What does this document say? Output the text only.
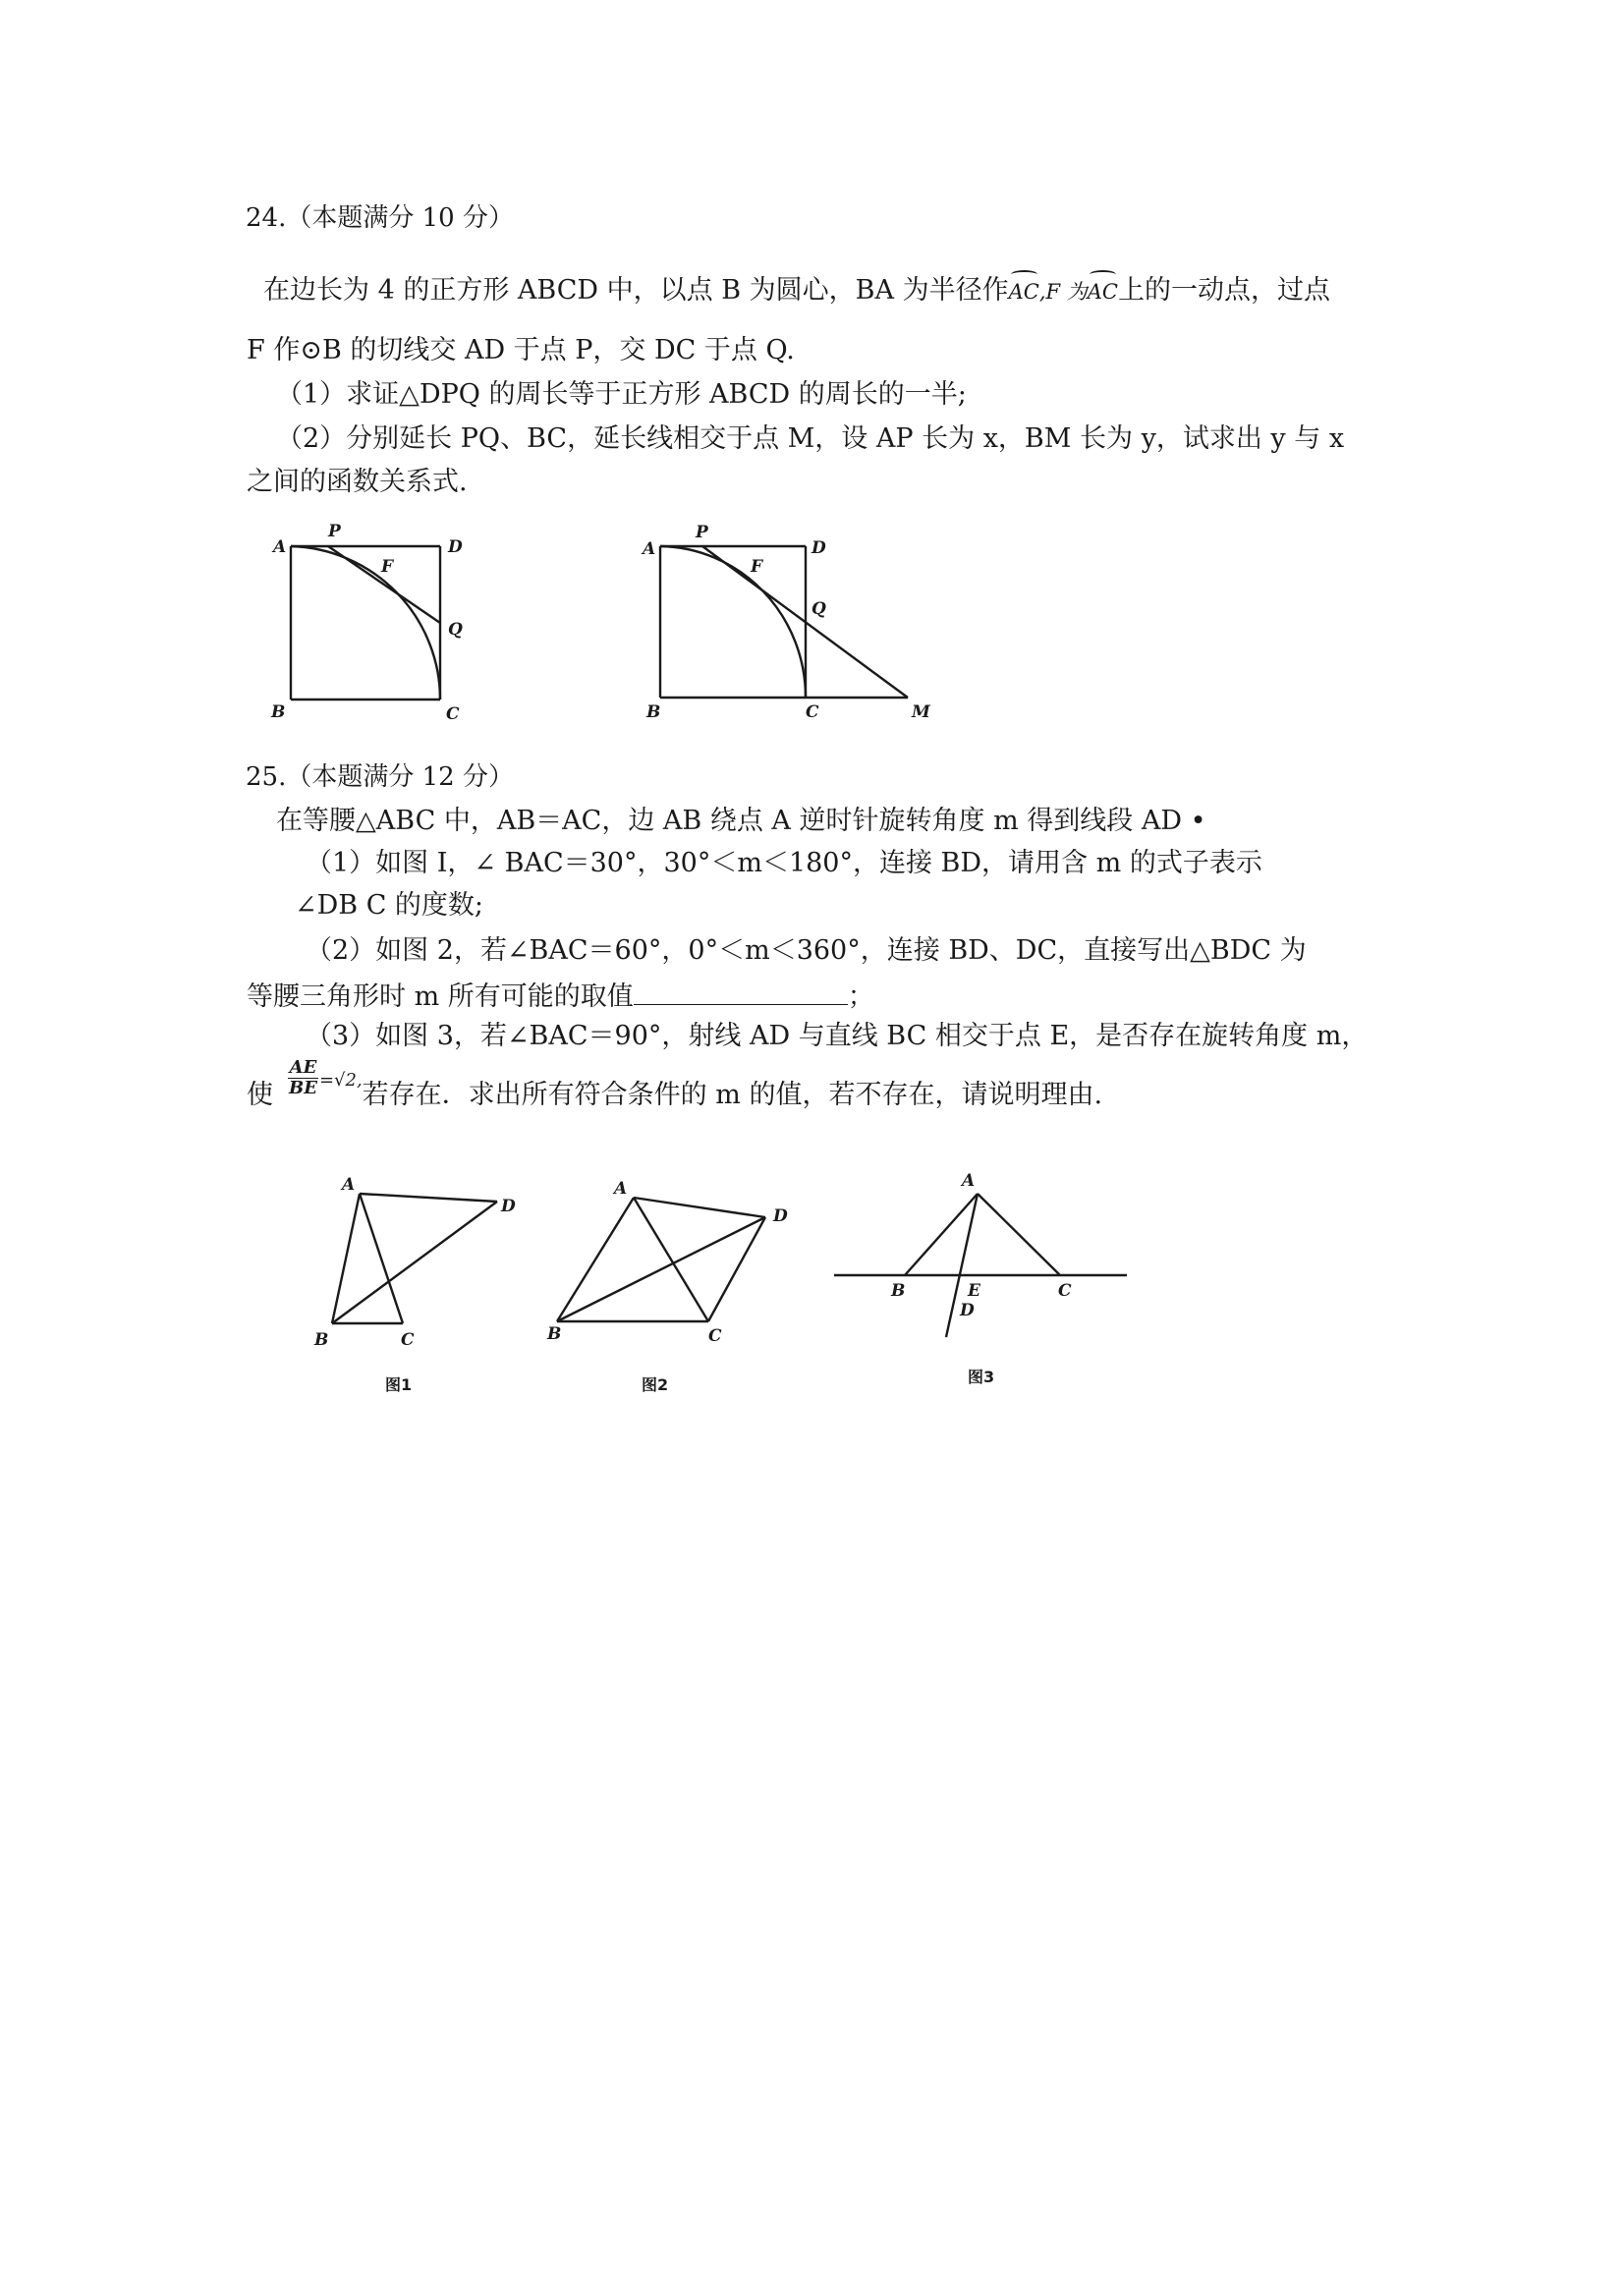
24.（本题满分 10 分）
在边长为 4 的正方形 ABCD 中，以点 B 为圆心，BA 为半径作AC,F 为AC上的一动点，过点
F 作⊙B 的切线交 AD 于点 P，交 DC 于点 Q.
（1）求证△DPQ 的周长等于正方形 ABCD 的周长的一半;
（2）分别延长 PQ、BC，延长线相交于点 M，设 AP 长为 x，BM 长为 y，试求出 y 与 x
之间的函数关系式.
A
P
D
F
Q
B	C
A
P
D
F
Q
B	C	M
25.（本题满分 12 分）
在等腰△ABC 中，AB＝AC，边 AB 绕点 A 逆时针旋转角度 m 得到线段 AD •
（1）如图 I，∠ BAC＝30°，30°＜m＜180°，连接 BD，请用含 m 的式子表示
∠DB C 的度数;
（2）如图 2，若∠BAC＝60°，0°＜m＜360°，连接 BD、DC，直接写出△BDC 为
等腰三角形时 m 所有可能的取值	；
（3）如图 3，若∠BAC＝90°，射线 AD 与直线 BC 相交于点 E，是否存在旋转角度 m，
使 $\frac{AE}{BE} ^{=√2,}$若存在．求出所有符合条件的 m 的值，若不存在，请说明理由.
A
D
B	C
图1
A
D
B	C
图2
A
B	E	C
D
图3
